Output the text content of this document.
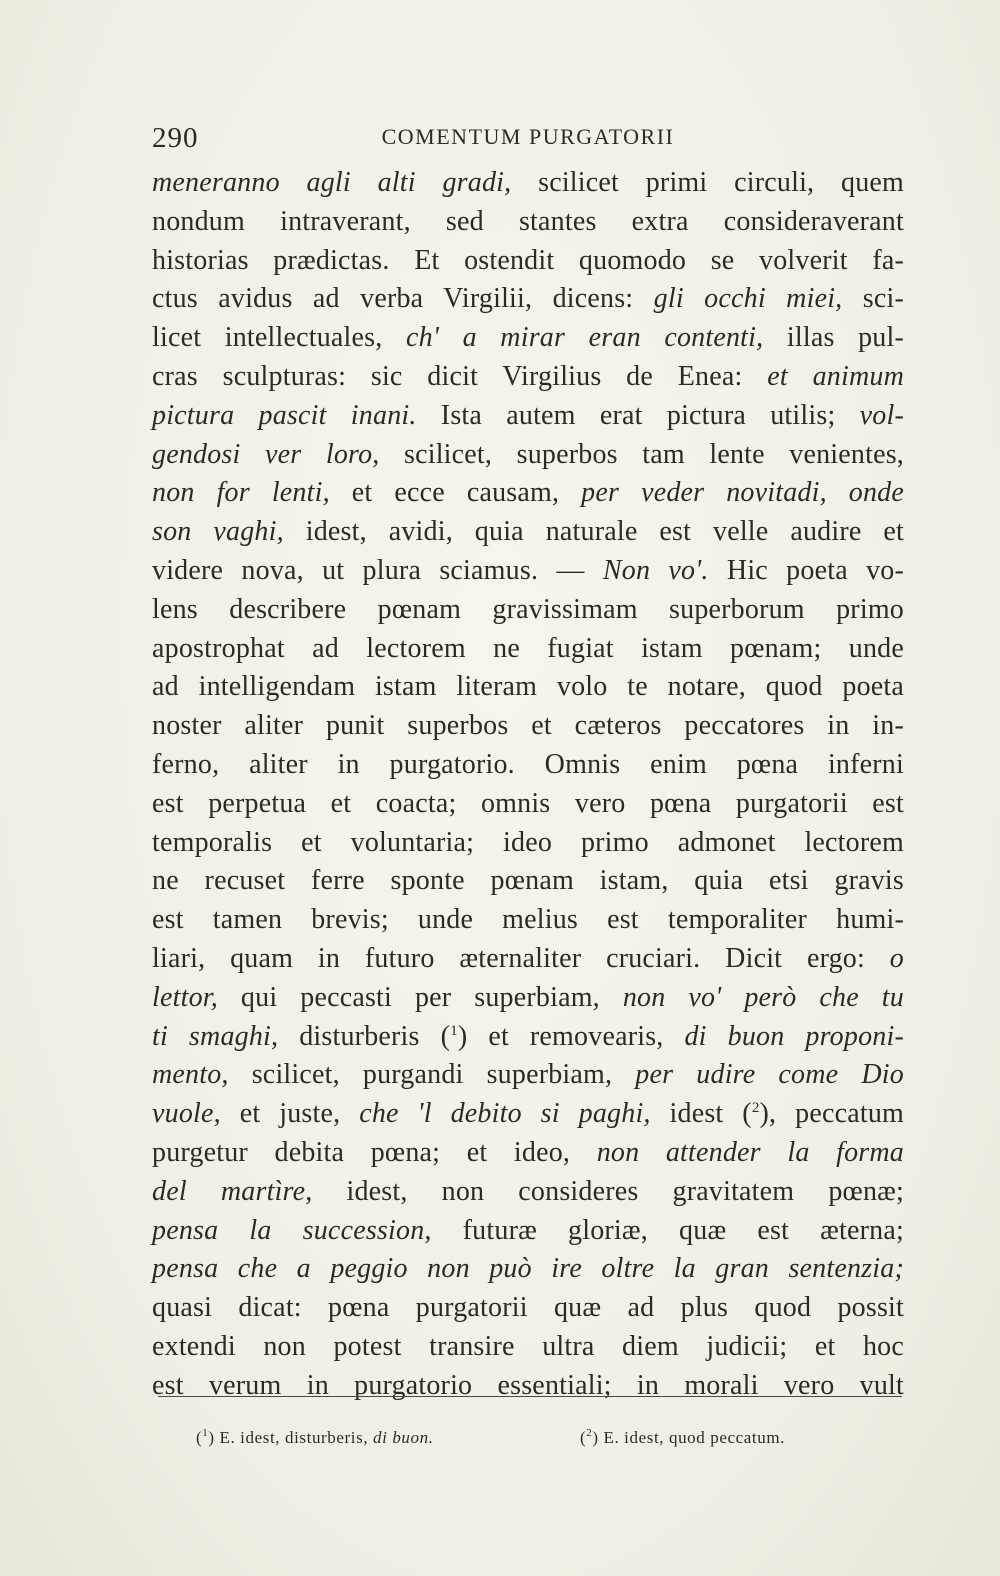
290	COMENTUM PURGATORII
meneranno agli alti gradi, scilicet primi circuli, quem
nondum intraverant, sed stantes extra consideraverant
historias prædictas. Et ostendit quomodo se volverit fa-
ctus avidus ad verba Virgilii, dicens: gli occhi miei, sci-
licet intellectuales, ch' a mirar eran contenti, illas pul-
cras sculpturas: sic dicit Virgilius de Enea: et animum
pictura pascit inani. Ista autem erat pictura utilis; vol-
gendosi ver loro, scilicet, superbos tam lente venientes,
non for lenti, et ecce causam, per veder novitadi, onde
son vaghi, idest, avidi, quia naturale est velle audire et
videre nova, ut plura sciamus. — Non vo'. Hic poeta vo-
lens describere pœnam gravissimam superborum primo
apostrophat ad lectorem ne fugiat istam pœnam; unde
ad intelligendam istam literam volo te notare, quod poeta
noster aliter punit superbos et cæteros peccatores in in-
ferno, aliter in purgatorio. Omnis enim pœna inferni
est perpetua et coacta; omnis vero pœna purgatorii est
temporalis et voluntaria; ideo primo admonet lectorem
ne recuset ferre sponte pœnam istam, quia etsi gravis
est tamen brevis; unde melius est temporaliter humi-
liari, quam in futuro æternaliter cruciari. Dicit ergo: o
lettor, qui peccasti per superbiam, non vo' però che tu
ti smaghi, disturberis ($^1$) et removearis, di buon proponi-
mento, scilicet, purgandi superbiam, per udire come Dio
vuole, et juste, che 'l debito si paghi, idest ($^2$), peccatum
purgetur debita pœna; et ideo, non attender la forma
del martìre, idest, non consideres gravitatem pœnæ;
pensa la succession, futuræ gloriæ, quæ est æterna;
pensa che a peggio non può ire oltre la gran sentenzia;
quasi dicat: pœna purgatorii quæ ad plus quod possit
extendi non potest transire ultra diem judicii; et hoc
est verum in purgatorio essentiali; in morali vero vult
($^1$) E. idest, disturberis, di buon.	($^2$) E. idest, quod peccatum.
